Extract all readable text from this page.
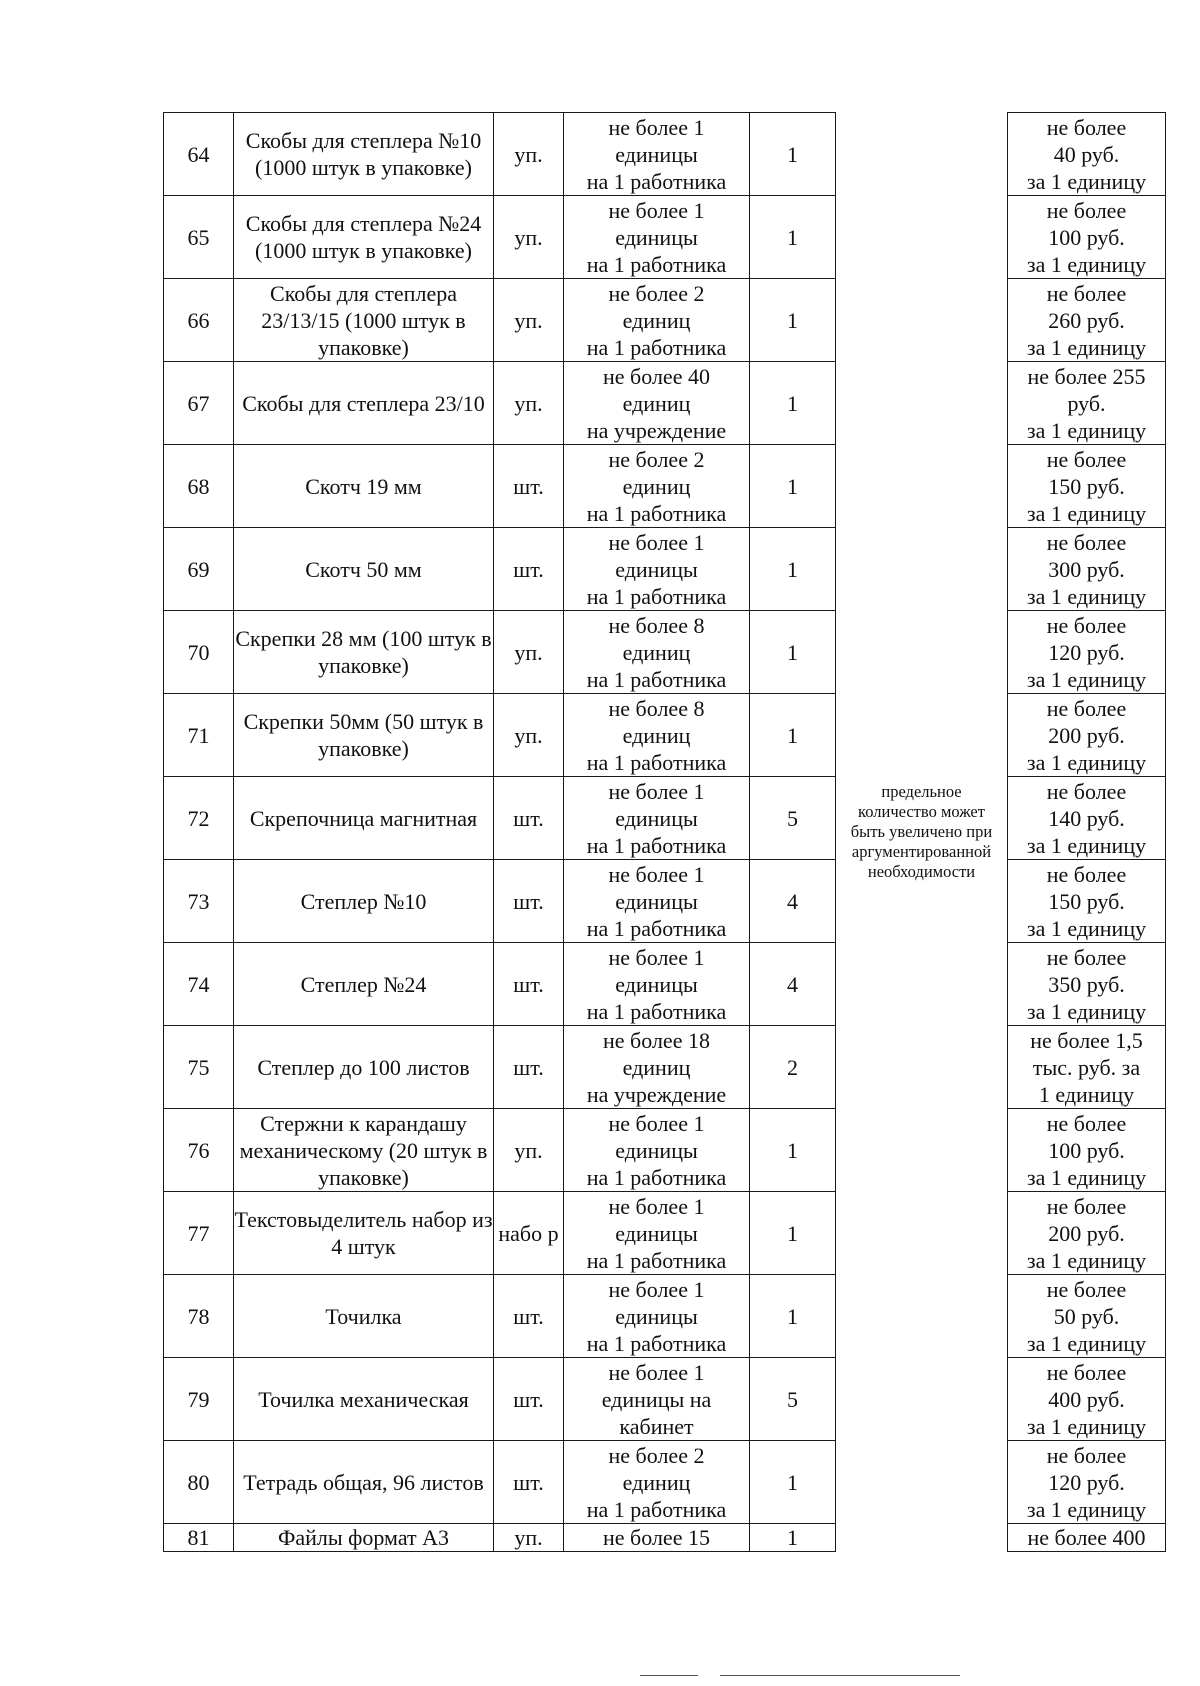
64	Скобы для степлера №10 (1000 штук в упаковке)	уп.	не более 1
единицы
на 1 работника	1	предельное количество может быть увеличено при аргументированной необходимости	не более
40 руб.
за 1 единицу

65	Скобы для степлера №24 (1000 штук в упаковке)	уп.	не более 1
единицы
на 1 работника	1		не более
100 руб.
за 1 единицу

66	Скобы для степлера 23/13/15 (1000 штук в упаковке)	уп.	не более 2
единиц
на 1 работника	1		не более
260 руб.
за 1 единицу

67	Скобы для степлера 23/10	уп.	не более 40
единиц
на учреждение	1		не более 255
руб.
за 1 единицу

68	Скотч 19 мм	шт.	не более 2
единиц
на 1 работника	1		не более
150 руб.
за 1 единицу

69	Скотч 50 мм	шт.	не более 1
единицы
на 1 работника	1		не более
300 руб.
за 1 единицу

70	Скрепки 28 мм (100 штук в упаковке)	уп.	не более 8
единиц
на 1 работника	1		не более
120 руб.
за 1 единицу

71	Скрепки 50мм (50 штук в упаковке)	уп.	не более 8
единиц
на 1 работника	1		не более
200 руб.
за 1 единицу

72	Скрепочница магнитная	шт.	не более 1
единицы
на 1 работника	5		не более
140 руб.
за 1 единицу

73	Степлер №10	шт.	не более 1
единицы
на 1 работника	4		не более
150 руб.
за 1 единицу

74	Степлер №24	шт.	не более 1
единицы
на 1 работника	4		не более
350 руб.
за 1 единицу

75	Степлер до 100 листов	шт.	не более 18
единиц
на учреждение	2		не более 1,5
тыс. руб. за
1 единицу

76	Стержни к карандашу механическому (20 штук в упаковке)	уп.	не более 1
единицы
на 1 работника	1		не более
100 руб.
за 1 единицу

77	Текстовыделитель набор из 4 штук	набо р	не более 1
единицы
на 1 работника	1		не более
200 руб.
за 1 единицу

78	Точилка	шт.	не более 1
единицы
на 1 работника	1		не более
50 руб.
за 1 единицу

79	Точилка механическая	шт.	не более 1
единицы на
кабинет	5		не более
400 руб.
за 1 единицу

80	Тетрадь общая, 96 листов	шт.	не более 2
единиц
на 1 работника	1		не более
120 руб.
за 1 единицу

81	Файлы формат А3	уп.	не более 15	1		не более 400
